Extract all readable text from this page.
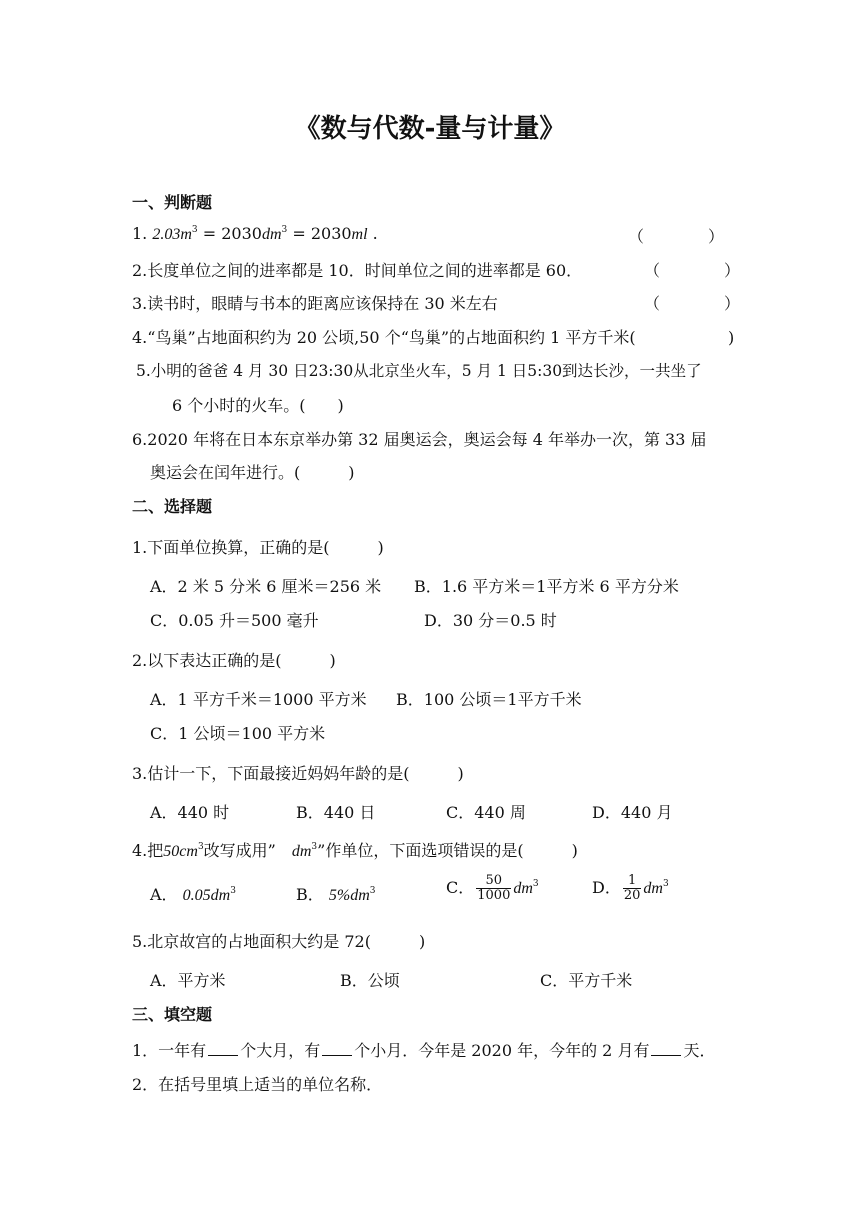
《数与代数-量与计量》
一、判断题
1. $2.03m^3 = 2030dm^3 = 2030ml$ .	（　　　　）
2.长度单位之间的进率都是 10．时间单位之间的进率都是 60．	（　　　　）
3.读书时，眼睛与书本的距离应该保持在 30 米左右	（　　　　）
4.“鸟巢”占地面积约为 20 公顷,50 个“鸟巢”的占地面积约 1 平方千米( 　　　　)
5.小明的爸爸 4 月 30 日23:30从北京坐火车，5 月 1 日5:30到达长沙，一共坐了
6 个小时的火车。(　　)
6.2020 年将在日本东京举办第 32 届奥运会，奥运会每 4 年举办一次，第 33 届
奥运会在闰年进行。(　　　)
二、选择题
1.下面单位换算，正确的是(　　　)
A．2 米 5 分米 6 厘米＝256 米 B．1.6 平方米＝1平方米 6 平方分米
C．0.05 升＝500 毫升	D．30 分＝0.5 时
2.以下表达正确的是(　　　)
A．1 平方千米＝1000 平方米 B．100 公顷＝1平方千米
C．1 公顷＝100 平方米
3.估计一下，下面最接近妈妈年龄的是(　　　)
A．440 时	B．440 日	C．440 周	D．440 月
4.把$50cm^3$改写成用”  $dm^3$”作单位，下面选项错误的是(　　　)
A． $0.05dm^3$	B． $5\%dm^3$	C． $\frac{50}{1000} dm^3$	D． $\frac{1}{20} dm^3$
5.北京故宫的占地面积大约是 72(　　　)
A．平方米	B．公顷	C．平方千米
三、填空题
1．一年有 个大月，有 个小月．今年是 2020 年，今年的 2 月有 天．
2．在括号里填上适当的单位名称．
